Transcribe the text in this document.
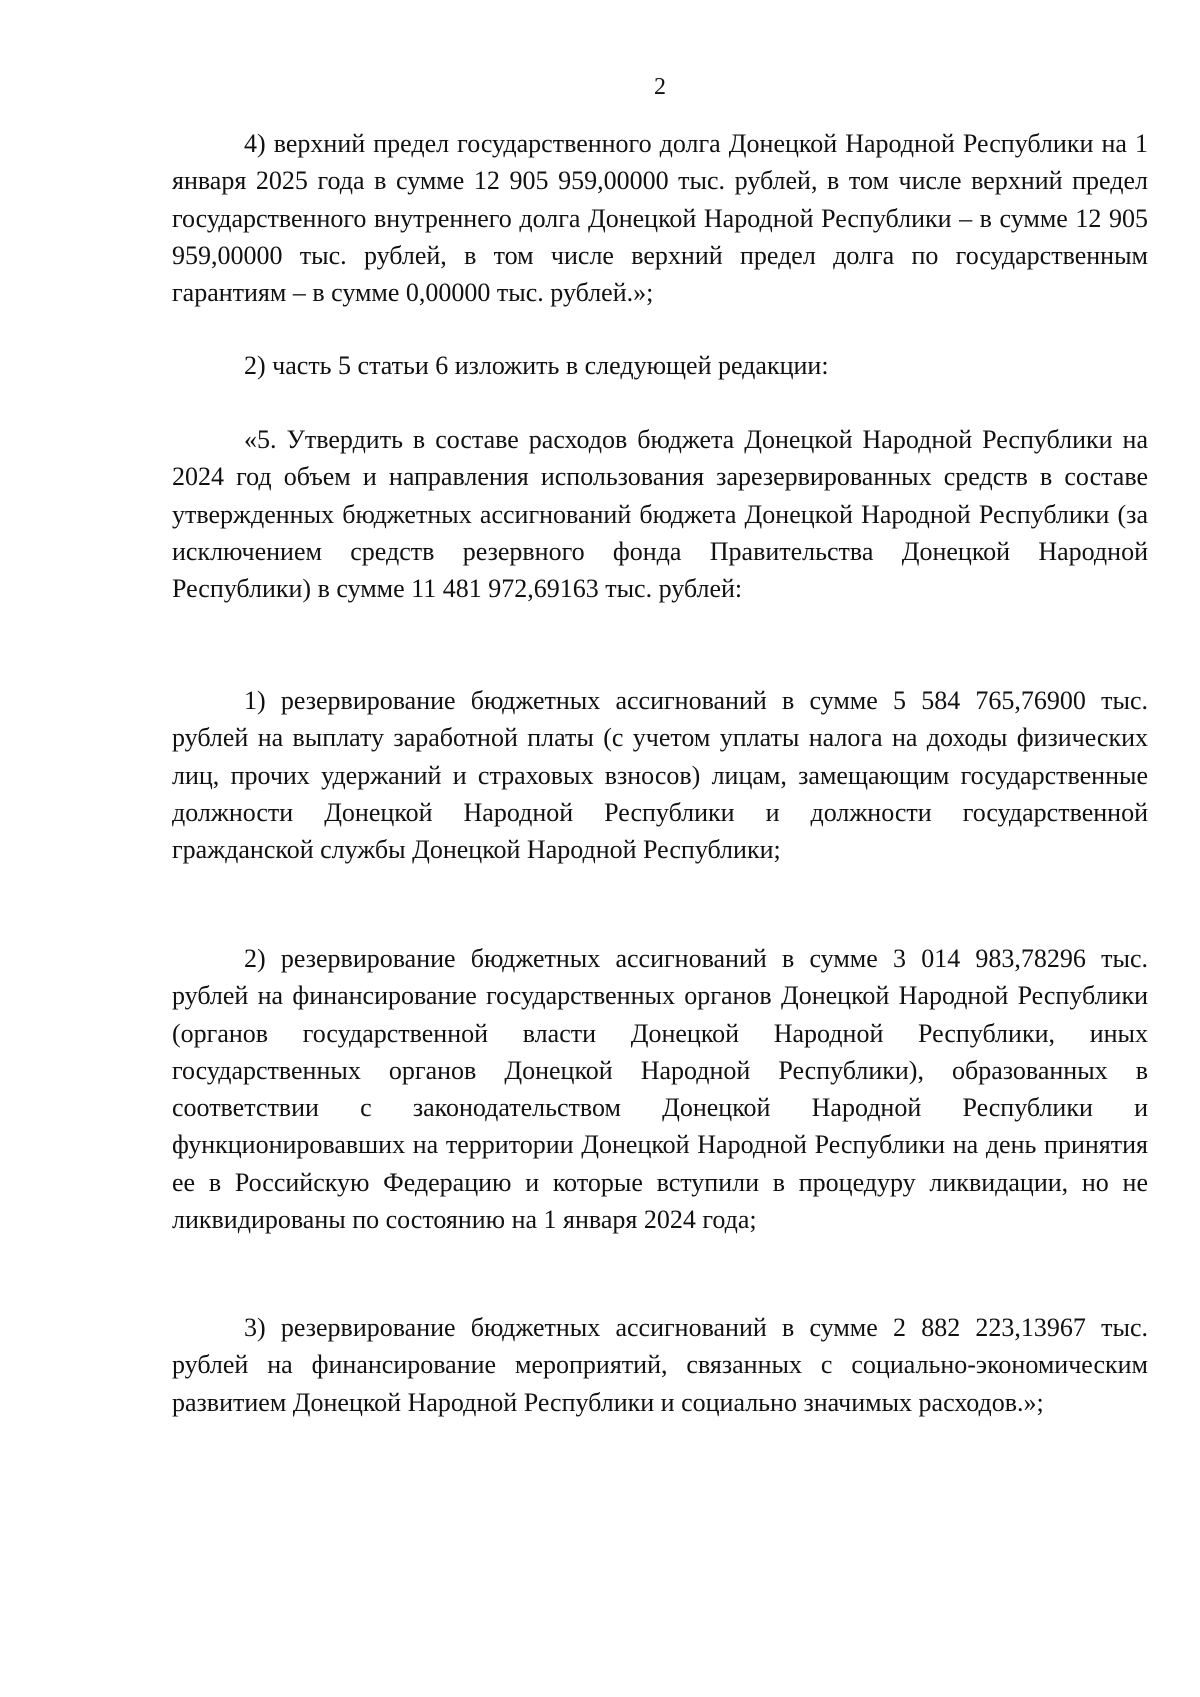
2

4) верхний предел государственного долга Донецкой Народной Республики на 1 января 2025 года в сумме 12 905 959,00000 тыс. рублей, в том числе верхний предел государственного внутреннего долга Донецкой Народной Республики – в сумме 12 905 959,00000 тыс. рублей, в том числе верхний предел долга по государственным гарантиям – в сумме 0,00000 тыс. рублей.»;

2) часть 5 статьи 6 изложить в следующей редакции:

«5. Утвердить в составе расходов бюджета Донецкой Народной Республики на 2024 год объем и направления использования зарезервированных средств в составе утвержденных бюджетных ассигнований бюджета Донецкой Народной Республики (за исключением средств резервного фонда Правительства Донецкой Народной Республики) в сумме 11 481 972,69163 тыс. рублей:

1) резервирование бюджетных ассигнований в сумме 5 584 765,76900 тыс. рублей на выплату заработной платы (с учетом уплаты налога на доходы физических лиц, прочих удержаний и страховых взносов) лицам, замещающим государственные должности Донецкой Народной Республики и должности государственной гражданской службы Донецкой Народной Республики;

2) резервирование бюджетных ассигнований в сумме 3 014 983,78296 тыс. рублей на финансирование государственных органов Донецкой Народной Республики (органов государственной власти Донецкой Народной Республики, иных государственных органов Донецкой Народной Республики), образованных в соответствии с законодательством Донецкой Народной Республики и функционировавших на территории Донецкой Народной Республики на день принятия ее в Российскую Федерацию и которые вступили в процедуру ликвидации, но не ликвидированы по состоянию на 1 января 2024 года;

3) резервирование бюджетных ассигнований в сумме 2 882 223,13967 тыс. рублей на финансирование мероприятий, связанных с социально-экономическим развитием Донецкой Народной Республики и социально значимых расходов.»;
